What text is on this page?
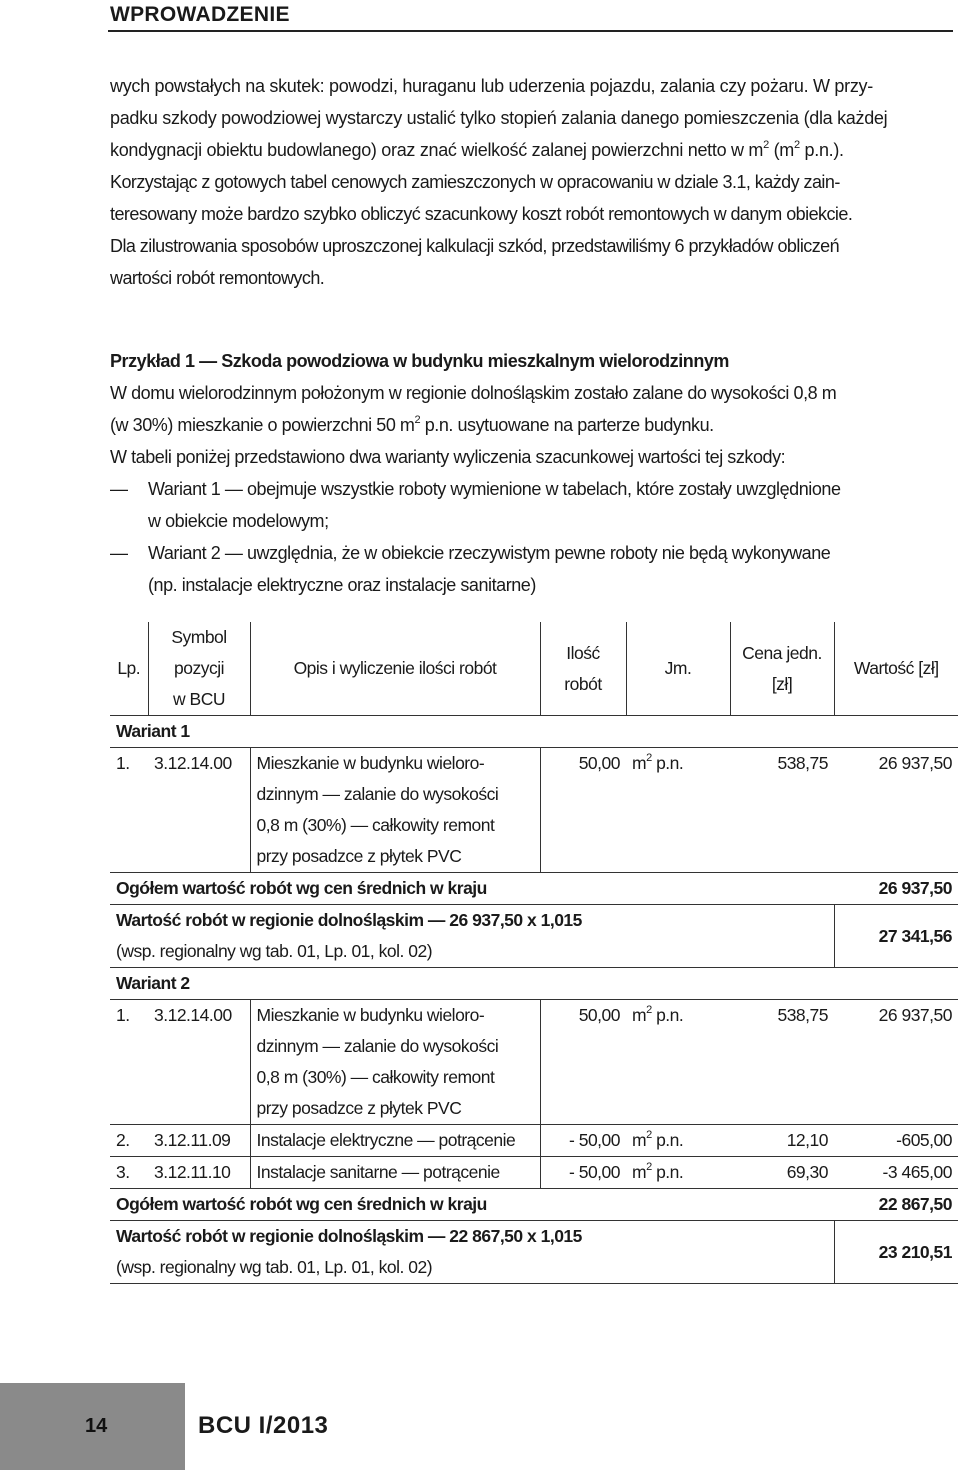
WPROWADZENIE
wych powstałych na skutek: powodzi, huraganu lub uderzenia pojazdu, zalania czy pożaru. W przy-
padku szkody powodziowej wystarczy ustalić tylko stopień zalania danego pomieszczenia (dla każdej
kondygnacji obiektu budowlanego) oraz znać wielkość zalanej powierzchni netto w $m^2$ ($m^2$ p.n.).
Korzystając z gotowych tabel cenowych zamieszczonych w opracowaniu w dziale 3.1, każdy zain-
teresowany może bardzo szybko obliczyć szacunkowy koszt robót remontowych w danym obiekcie.
Dla zilustrowania sposobów uproszczonej kalkulacji szkód, przedstawiliśmy 6 przykładów obliczeń
wartości robót remontowych.
Przykład 1 — Szkoda powodziowa w budynku mieszkalnym wielorodzinnym
W domu wielorodzinnym położonym w regionie dolnośląskim zostało zalane do wysokości 0,8 m
(w 30%) mieszkanie o powierzchni 50 $m^2$ p.n. usytuowane na parterze budynku.
W tabeli poniżej przedstawiono dwa warianty wyliczenia szacunkowej wartości tej szkody:
— Wariant 1 — obejmuje wszystkie roboty wymienione w tabelach, które zostały uwzględnione
w obiekcie modelowym;
— Wariant 2 — uwzględnia, że w obiekcie rzeczywistym pewne roboty nie będą wykonywane
(np. instalacje elektryczne oraz instalacje sanitarne)
Lp.	Symbol
pozycji
w BCU	Opis i wyliczenie ilości robót	Ilość
robót	Jm.	Cena jedn.
[zł]	Wartość [zł]
Wariant 1						
1.	3.12.14.00	Mieszkanie w budynku wieloro-
dzinnym — zalanie do wysokości
0,8 m (30%) — całkowity remont
przy posadzce z płytek PVC	50,00	$m^2$ p.n.	538,75	26 937,50
Ogółem wartość robót wg cen średnich w kraju						26 937,50
Wartość robót w regionie dolnośląskim — 26 937,50 x 1,015
(wsp. regionalny wg tab. 01, Lp. 01, kol. 02)						27 341,56
Wariant 2						
1.	3.12.14.00	Mieszkanie w budynku wieloro-
dzinnym — zalanie do wysokości
0,8 m (30%) — całkowity remont
przy posadzce z płytek PVC	50,00	$m^2$ p.n.	538,75	26 937,50
2.	3.12.11.09	Instalacje elektryczne — potrącenie	- 50,00	$m^2$ p.n.	12,10	-605,00
3.	3.12.11.10	Instalacje sanitarne — potrącenie	- 50,00	$m^2$ p.n.	69,30	-3 465,00
Ogółem wartość robót wg cen średnich w kraju						22 867,50
Wartość robót w regionie dolnośląskim — 22 867,50 x 1,015
(wsp. regionalny wg tab. 01, Lp. 01, kol. 02)						23 210,51
14	BCU I/2013
